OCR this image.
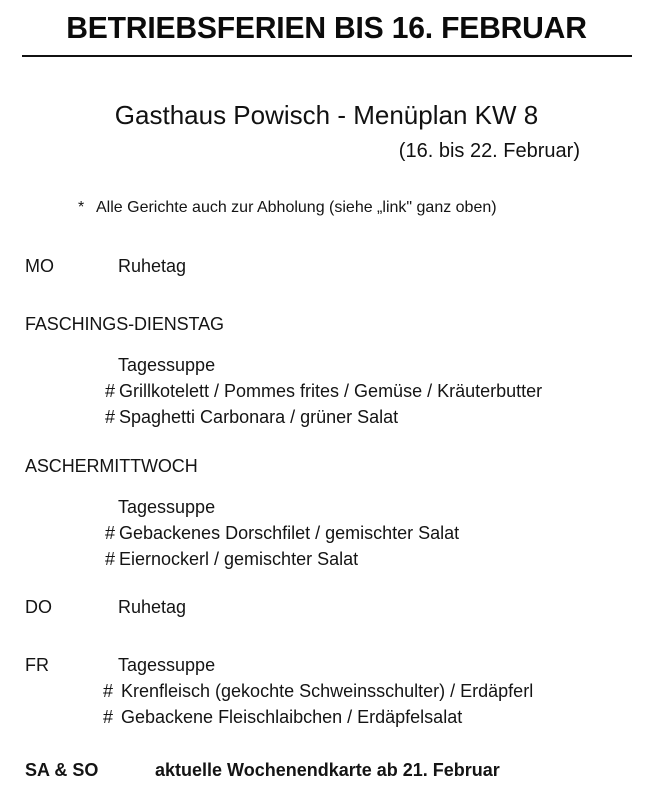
BETRIEBSFERIEN BIS 16. FEBRUAR
Gasthaus Powisch - Menüplan KW 8
(16. bis 22. Februar)
* Alle Gerichte auch zur Abholung (siehe „link" ganz oben)
MO	Ruhetag
FASCHINGS-DIENSTAG
Tagessuppe
# Grillkotelett / Pommes frites / Gemüse / Kräuterbutter
# Spaghetti Carbonara / grüner Salat
ASCHERMITTWOCH
Tagessuppe
# Gebackenes Dorschfilet / gemischter Salat
# Eiernockerl / gemischter Salat
DO	Ruhetag
FR	Tagessuppe
# Krenfleisch (gekochte Schweinsschulter) / Erdäpferl
# Gebackene Fleischlaibchen / Erdäpfelsalat
SA & SO	aktuelle Wochenendkarte ab 21. Februar
